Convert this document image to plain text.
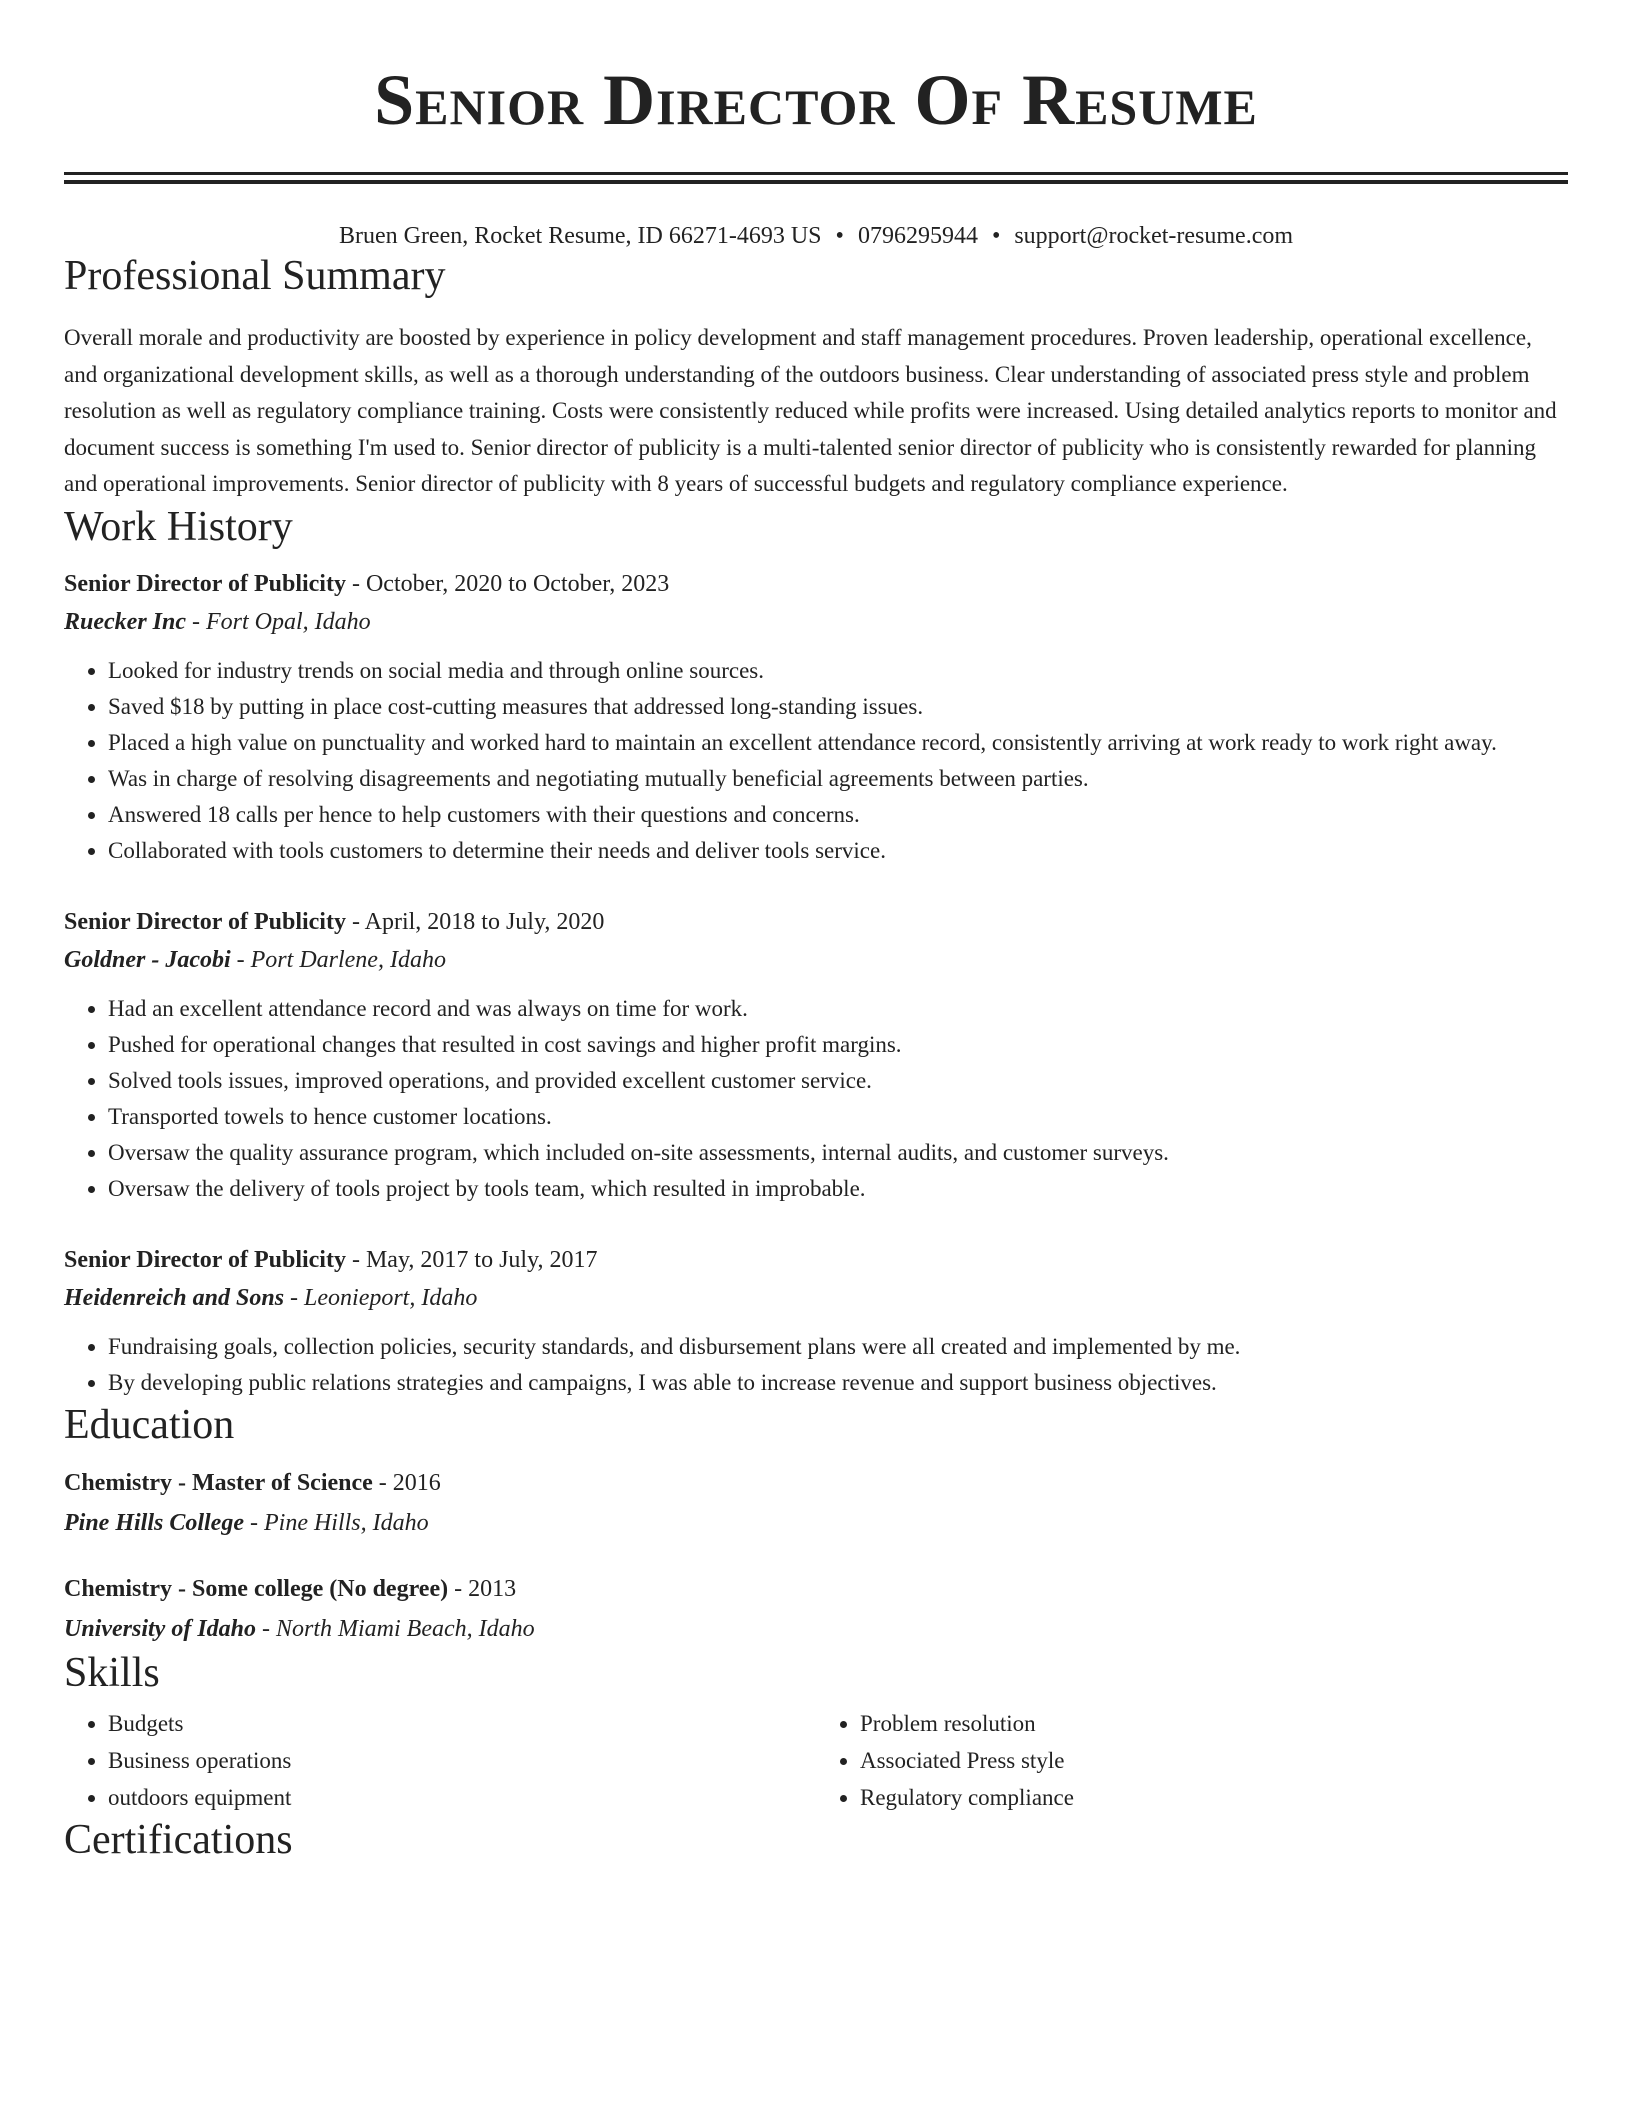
Senior Director Of Resume
Bruen Green, Rocket Resume, ID 66271-4693 US • 0796295944 • support@rocket-resume.com
Professional Summary

Overall morale and productivity are boosted by experience in policy development and staff management procedures. Proven leadership, operational excellence, and organizational development skills, as well as a thorough understanding of the outdoors business. Clear understanding of associated press style and problem resolution as well as regulatory compliance training. Costs were consistently reduced while profits were increased. Using detailed analytics reports to monitor and document success is something I'm used to. Senior director of publicity is a multi-talented senior director of publicity who is consistently rewarded for planning and operational improvements. Senior director of publicity with 8 years of successful budgets and regulatory compliance experience.

Work History
Senior Director of Publicity - October, 2020 to October, 2023
Ruecker Inc - Fort Opal, Idaho
• Looked for industry trends on social media and through online sources.
• Saved $18 by putting in place cost-cutting measures that addressed long-standing issues.
• Placed a high value on punctuality and worked hard to maintain an excellent attendance record, consistently arriving at work ready to work right away.
• Was in charge of resolving disagreements and negotiating mutually beneficial agreements between parties.
• Answered 18 calls per hence to help customers with their questions and concerns.
• Collaborated with tools customers to determine their needs and deliver tools service.
Senior Director of Publicity - April, 2018 to July, 2020
Goldner - Jacobi - Port Darlene, Idaho
• Had an excellent attendance record and was always on time for work.
• Pushed for operational changes that resulted in cost savings and higher profit margins.
• Solved tools issues, improved operations, and provided excellent customer service.
• Transported towels to hence customer locations.
• Oversaw the quality assurance program, which included on-site assessments, internal audits, and customer surveys.
• Oversaw the delivery of tools project by tools team, which resulted in improbable.
Senior Director of Publicity - May, 2017 to July, 2017
Heidenreich and Sons - Leonieport, Idaho
• Fundraising goals, collection policies, security standards, and disbursement plans were all created and implemented by me.
• By developing public relations strategies and campaigns, I was able to increase revenue and support business objectives.
Education
Chemistry - Master of Science - 2016
Pine Hills College - Pine Hills, Idaho
Chemistry - Some college (No degree) - 2013
University of Idaho - North Miami Beach, Idaho
Skills
• Budgets
• Business operations
• outdoors equipment
• Problem resolution
• Associated Press style
• Regulatory compliance
Certifications
